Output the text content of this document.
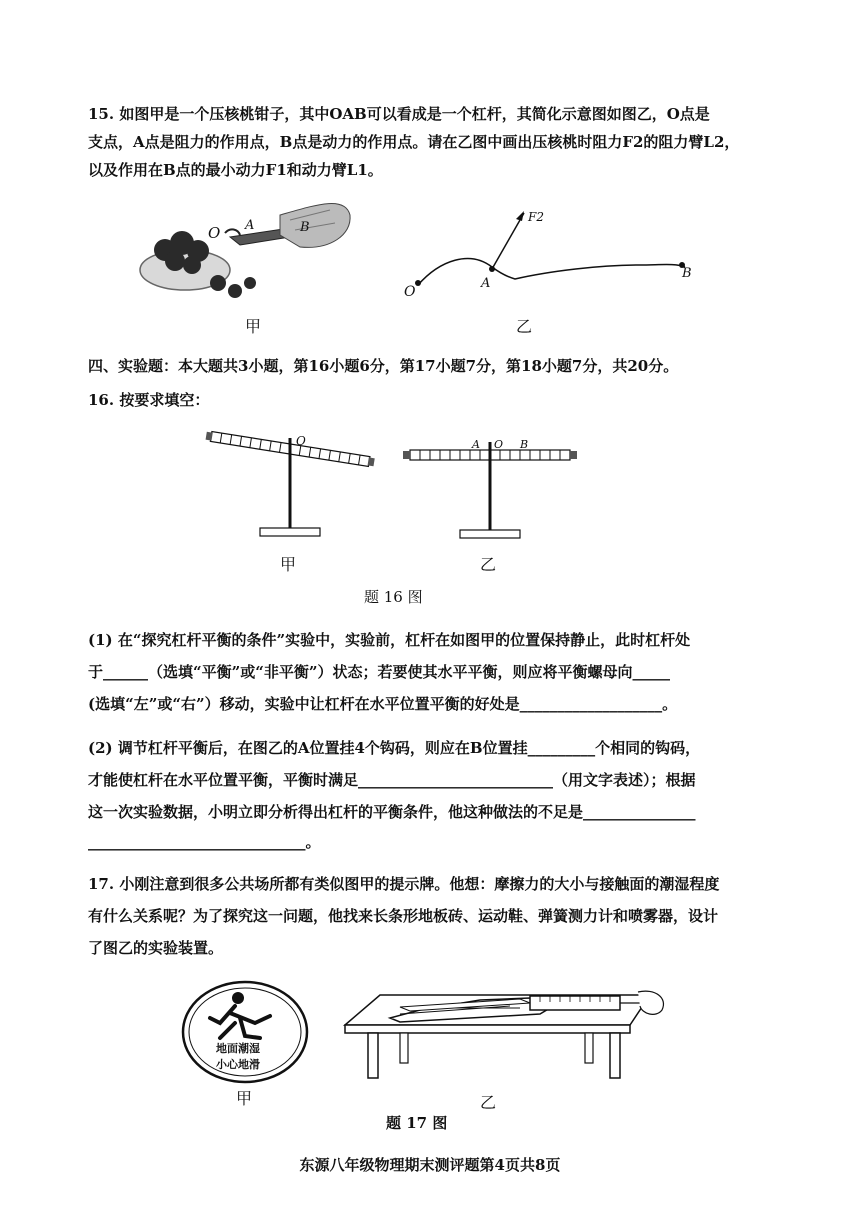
15. 如图甲是一个压核桃钳子，其中OAB可以看成是一个杠杆，其简化示意图如图乙，O点是
支点，A点是阻力的作用点，B点是动力的作用点。请在乙图中画出压核桃时阻力F2的阻力臂L2，
以及作用在B点的最小动力F1和动力臂L1。
O A	B
甲
O
A
B
F2
乙
四、实验题：本大题共3小题，第16小题6分，第17小题7分，第18小题7分，共20分。
16. 按要求填空：
O
甲
A O B
乙
题 16 图
(1) 在“探究杠杆平衡的条件”实验中，实验前，杠杆在如图甲的位置保持静止，此时杠杆处
于______（选填“平衡”或“非平衡”）状态；若要使其水平平衡，则应将平衡螺母向_____
(选填“左”或“右”）移动，实验中让杠杆在水平位置平衡的好处是___________________。
(2) 调节杠杆平衡后，在图乙的A位置挂4个钩码，则应在B位置挂_________个相同的钩码，
才能使杠杆在水平位置平衡，平衡时满足__________________________（用文字表述）；根据
这一次实验数据，小明立即分析得出杠杆的平衡条件，他这种做法的不足是_______________
_____________________________。
17. 小刚注意到很多公共场所都有类似图甲的提示牌。他想：摩擦力的大小与接触面的潮湿程度
有什么关系呢？为了探究这一问题，他找来长条形地板砖、运动鞋、弹簧测力计和喷雾器，设计
了图乙的实验装置。
地面潮湿
小心地滑
甲	乙
题 17 图
东源八年级物理期末测评题第4页共8页
